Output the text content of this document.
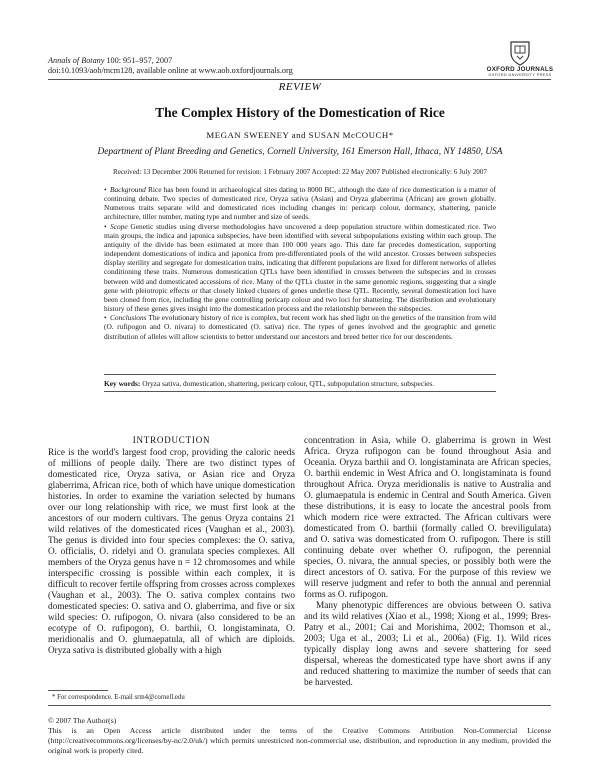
Annals of Botany 100: 951–957, 2007
doi:10.1093/aob/mcm128, available online at www.aob.oxfordjournals.org	OXFORD JOURNALS
OXFORD UNIVERSITY PRESS
REVIEW
The Complex History of the Domestication of Rice
MEGAN SWEENEY and SUSAN McCOUCH*
Department of Plant Breeding and Genetics, Cornell University, 161 Emerson Hall, Ithaca, NY 14850, USA
Received: 13 December 2006 Returned for revision: 1 February 2007 Accepted: 22 May 2007 Published electronically: 6 July 2007

• Background Rice has been found in archaeological sites dating to 8000 BC, although the date of rice domestication is a matter of continuing debate. Two species of domesticated rice, Oryza sativa (Asian) and Oryza glaberrima (African) are grown globally. Numerous traits separate wild and domesticated rices including changes in: pericarp colour, dormancy, shattering, panicle architecture, tiller number, mating type and number and size of seeds.

• Scope Genetic studies using diverse methodologies have uncovered a deep population structure within domesticated rice. Two main groups, the indica and japonica subspecies, have been identified with several subpopulations existing within each group. The antiquity of the divide has been estimated at more than 100 000 years ago. This date far precedes domestication, supporting independent domestications of indica and japonica from pre-differentiated pools of the wild ancestor. Crosses between subspecies display sterility and segregate for domestication traits, indicating that different populations are fixed for different networks of alleles conditioning these traits. Numerous domestication QTLs have been identified in crosses between the subspecies and in crosses between wild and domesticated accessions of rice. Many of the QTLs cluster in the same genomic regions, suggesting that a single gene with pleiotropic effects or that closely linked clusters of genes underlie these QTL. Recently, several domestication loci have been cloned from rice, including the gene controlling pericarp colour and two loci for shattering. The distribution and evolutionary history of these genes gives insight into the domestication process and the relationship between the subspecies.

• Conclusions The evolutionary history of rice is complex, but recent work has shed light on the genetics of the transition from wild (O. rufipogon and O. nivara) to domesticated (O. sativa) rice. The types of genes involved and the geographic and genetic distribution of alleles will allow scientists to better understand our ancestors and breed better rice for our descendents.

Key words: Oryza sativa, domestication, shattering, pericarp colour, QTL, subpopulation structure, subspecies.
INTRODUCTION

Rice is the world's largest food crop, providing the caloric needs of millions of people daily. There are two distinct types of domesticated rice, Oryza sativa, or Asian rice and Oryza glaberrima, African rice, both of which have unique domestication histories. In order to examine the variation selected by humans over our long relationship with rice, we must first look at the ancestors of our modern cultivars. The genus Oryza contains 21 wild relatives of the domesticated rices (Vaughan et al., 2003). The genus is divided into four species complexes: the O. sativa, O. officialis, O. ridelyi and O. granulata species complexes. All members of the Oryza genus have n = 12 chromosomes and while interspecific crossing is possible within each complex, it is difficult to recover fertile offspring from crosses across complexes (Vaughan et al., 2003). The O. sativa complex contains two domesticated species: O. sativa and O. glaberrima, and five or six wild species: O. rufipogon, O. nivara (also considered to be an ecotype of O. rufipogon), O. barthii, O. longistaminata, O. meridionalis and O. glumaepatula, all of which are diploids. Oryza sativa is distributed globally with a high

concentration in Asia, while O. glaberrima is grown in West Africa. Oryza rufipogon can be found throughout Asia and Oceania. Oryza barthii and O. longistaminata are African species, O. barthii endemic in West Africa and O. longistaminata is found throughout Africa. Oryza meridionalis is native to Australia and O. glumaepatula is endemic in Central and South America. Given these distributions, it is easy to locate the ancestral pools from which modern rice were extracted. The African cultivars were domesticated from O. barthii (formally called O. breviligulata) and O. sativa was domesticated from O. rufipogon. There is still continuing debate over whether O. rufipogon, the perennial species, O. nivara, the annual species, or possibly both were the direct ancestors of O. sativa. For the purpose of this review we will reserve judgment and refer to both the annual and perennial forms as O. rufipogon.

Many phenotypic differences are obvious between O. sativa and its wild relatives (Xiao et al., 1998; Xiong et al., 1999; Bres-Patry et al., 2001; Cai and Morishima, 2002; Thomson et al., 2003; Uga et al., 2003; Li et al., 2006a) (Fig. 1). Wild rices typically display long awns and severe shattering for seed dispersal, whereas the domesticated type have short awns if any and reduced shattering to maximize the number of seeds that can be harvested.

* For correspondence. E-mail srm4@cornell.edu

© 2007 The Author(s)

This is an Open Access article distributed under the terms of the Creative Commons Attribution Non-Commercial License (http://creativecommons.org/licenses/by-nc/2.0/uk/) which permits unrestricted non-commercial use, distribution, and reproduction in any medium, provided the original work is properly cited.
